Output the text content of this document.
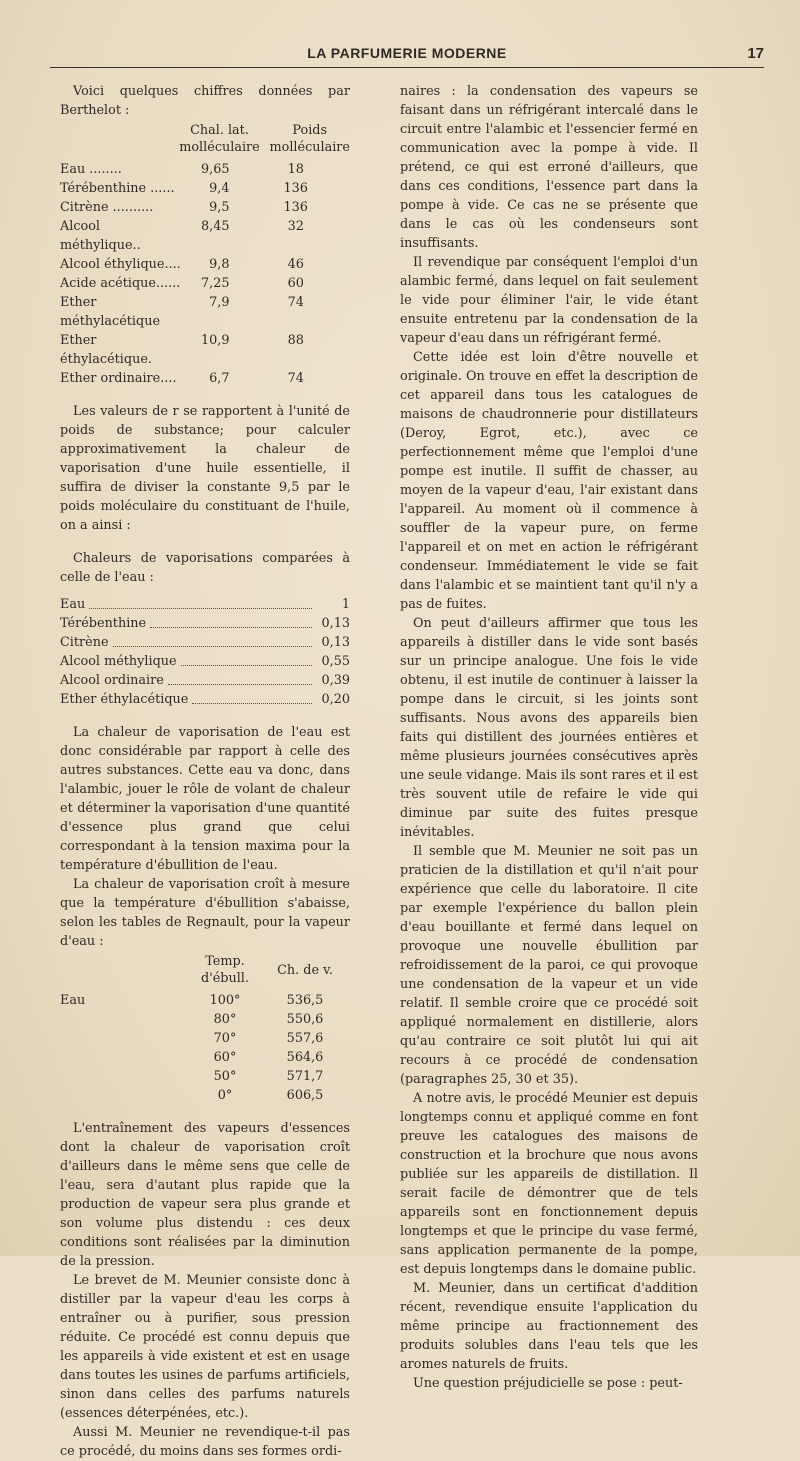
LA PARFUMERIE MODERNE	17

Voici quelques chiffres données par Berthelot :

	Chal. lat. molléculaire
Poids molléculaire	

Eau ........	9,65	18
Térébenthine ......	9,4	136
Citrène ..........	9,5	136
Alcool méthylique..	8,45	32
Alcool éthylique....	9,8	46
Acide acétique......	7,25	60
Ether méthylacétique	7,9	74
Ether éthylacétique.	10,9	88
Ether ordinaire....	6,7	74

Les valeurs de r se rapportent à l'unité de poids de substance; pour calculer approximativement la chaleur de vaporisation d'une huile essentielle, il suffira de diviser la constante 9,5 par le poids moléculaire du constituant de l'huile, on a ainsi :

Chaleurs de vaporisations comparées à celle de l'eau :

Eau	1
Térébenthine	0,13
Citrène	0,13
Alcool méthylique	0,55
Alcool ordinaire	0,39
Ether éthylacétique	0,20

La chaleur de vaporisation de l'eau est donc considérable par rapport à celle des autres substances. Cette eau va donc, dans l'alambic, jouer le rôle de volant de chaleur et déterminer la vaporisation d'une quantité d'essence plus grand que celui correspondant à la tension maxima pour la température d'ébullition de l'eau.

La chaleur de vaporisation croît à mesure que la température d'ébullition s'abaisse, selon les tables de Regnault, pour la vapeur d'eau :

	Temp. d'ébull.	Ch. de v.
Eau	100°	536,5
	80°	550,6
	70°	557,6
	60°	564,6
	50°	571,7
	0°	606,5

L'entraînement des vapeurs d'essences dont la chaleur de vaporisation croît d'ailleurs dans le même sens que celle de l'eau, sera d'autant plus rapide que la production de vapeur sera plus grande et son volume plus distendu : ces deux conditions sont réalisées par la diminution de la pression.

Le brevet de M. Meunier consiste donc à distiller par la vapeur d'eau les corps à entraîner ou à purifier, sous pression réduite. Ce procédé est connu depuis que les appareils à vide existent et est en usage dans toutes les usines de parfums artificiels, sinon dans celles des parfums naturels (essences déterpénées, etc.).

Aussi M. Meunier ne revendique-t-il pas ce procédé, du moins dans ses formes ordi-

naires : la condensation des vapeurs se faisant dans un réfrigérant intercalé dans le circuit entre l'alambic et l'essencier fermé en communication avec la pompe à vide. Il prétend, ce qui est erroné d'ailleurs, que dans ces conditions, l'essence part dans la pompe à vide. Ce cas ne se présente que dans le cas où les condenseurs sont insuffisants.

Il revendique par conséquent l'emploi d'un alambic fermé, dans lequel on fait seulement le vide pour éliminer l'air, le vide étant ensuite entretenu par la condensation de la vapeur d'eau dans un réfrigérant fermé.

Cette idée est loin d'être nouvelle et originale. On trouve en effet la description de cet appareil dans tous les catalogues de maisons de chaudronnerie pour distillateurs (Deroy, Egrot, etc.), avec ce perfectionnement même que l'emploi d'une pompe est inutile. Il suffit de chasser, au moyen de la vapeur d'eau, l'air existant dans l'appareil. Au moment où il commence à souffler de la vapeur pure, on ferme l'appareil et on met en action le réfrigérant condenseur. Immédiatement le vide se fait dans l'alambic et se maintient tant qu'il n'y a pas de fuites.

On peut d'ailleurs affirmer que tous les appareils à distiller dans le vide sont basés sur un principe analogue. Une fois le vide obtenu, il est inutile de continuer à laisser la pompe dans le circuit, si les joints sont suffisants. Nous avons des appareils bien faits qui distillent des journées entières et même plusieurs journées consécutives après une seule vidange. Mais ils sont rares et il est très souvent utile de refaire le vide qui diminue par suite des fuites presque inévitables.

Il semble que M. Meunier ne soit pas un praticien de la distillation et qu'il n'ait pour expérience que celle du laboratoire. Il cite par exemple l'expérience du ballon plein d'eau bouillante et fermé dans lequel on provoque une nouvelle ébullition par refroidissement de la paroi, ce qui provoque une condensation de la vapeur et un vide relatif. Il semble croire que ce procédé soit appliqué normalement en distillerie, alors qu'au contraire ce soit plutôt lui qui ait recours à ce procédé de condensation (paragraphes 25, 30 et 35).

A notre avis, le procédé Meunier est depuis longtemps connu et appliqué comme en font preuve les catalogues des maisons de construction et la brochure que nous avons publiée sur les appareils de distillation. Il serait facile de démontrer que de tels appareils sont en fonctionnement depuis longtemps et que le principe du vase fermé, sans application permanente de la pompe, est depuis longtemps dans le domaine public.

M. Meunier, dans un certificat d'addition récent, revendique ensuite l'application du même principe au fractionnement des produits solubles dans l'eau tels que les aromes naturels de fruits.

Une question préjudicielle se pose : peut-
